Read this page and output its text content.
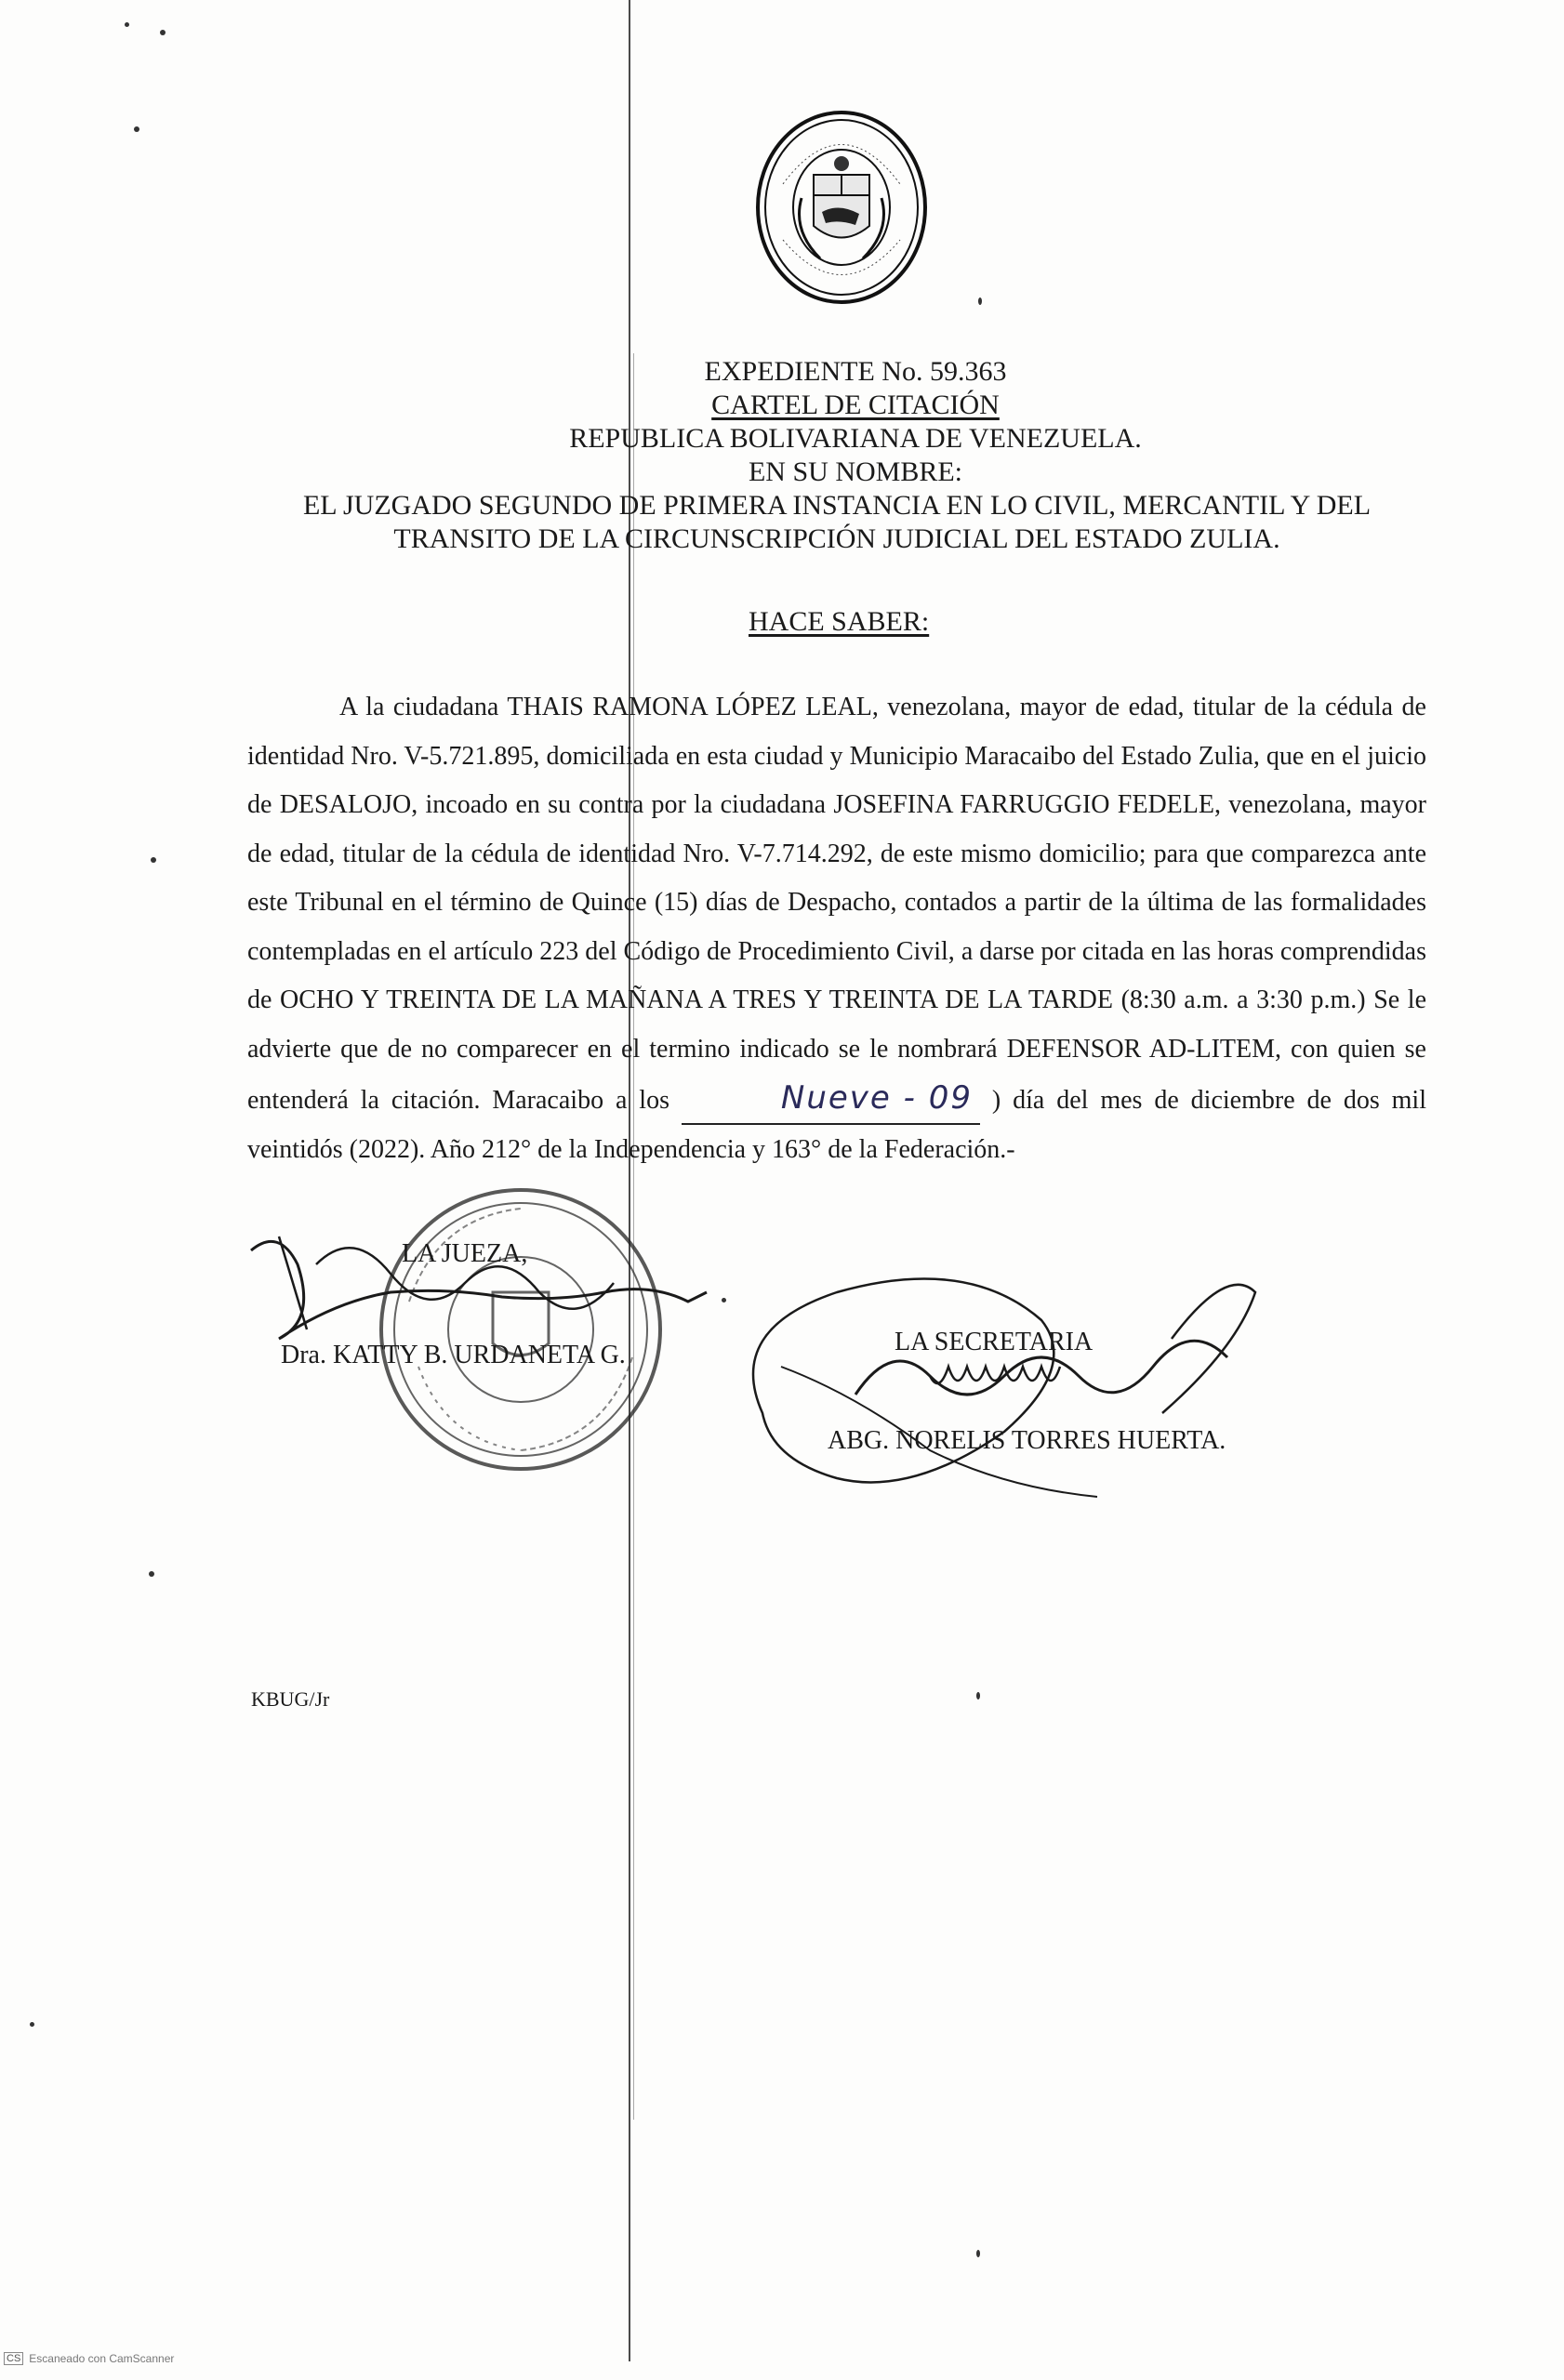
EXPEDIENTE No. 59.363
CARTEL DE CITACIÓN
REPUBLICA BOLIVARIANA DE VENEZUELA.
EN SU NOMBRE:
EL JUZGADO SEGUNDO DE PRIMERA INSTANCIA EN LO CIVIL, MERCANTIL Y DEL
TRANSITO DE LA CIRCUNSCRIPCIÓN JUDICIAL DEL ESTADO ZULIA.
HACE SABER:
A la ciudadana THAIS RAMONA LÓPEZ LEAL, venezolana, mayor de edad, titular de la cédula de identidad Nro. V-5.721.895, domiciliada en esta ciudad y Municipio Maracaibo del Estado Zulia, que en el juicio de DESALOJO, incoado en su contra por la ciudadana JOSEFINA FARRUGGIO FEDELE, venezolana, mayor de edad, titular de la cédula de identidad Nro. V-7.714.292, de este mismo domicilio; para que comparezca ante este Tribunal en el término de Quince (15) días de Despacho, contados a partir de la última de las formalidades contempladas en el artículo 223 del Código de Procedimiento Civil, a darse por citada en las horas comprendidas de OCHO Y TREINTA DE LA MAÑANA A TRES Y TREINTA DE LA TARDE (8:30 a.m. a 3:30 p.m.) Se le advierte que de no comparecer en el termino indicado se le nombrará DEFENSOR AD-LITEM, con quien se entenderá la citación. Maracaibo a los	Nueve - 09 ) día del mes de diciembre de dos mil veintidós (2022). Año 212° de la Independencia y 163° de la Federación.-
LA JUEZA,
Dra. KATTY B. URDANETA G.	LA SECRETARIA
ABG. NORELIS TORRES HUERTA.
KBUG/Jr
CS Escaneado con CamScanner
